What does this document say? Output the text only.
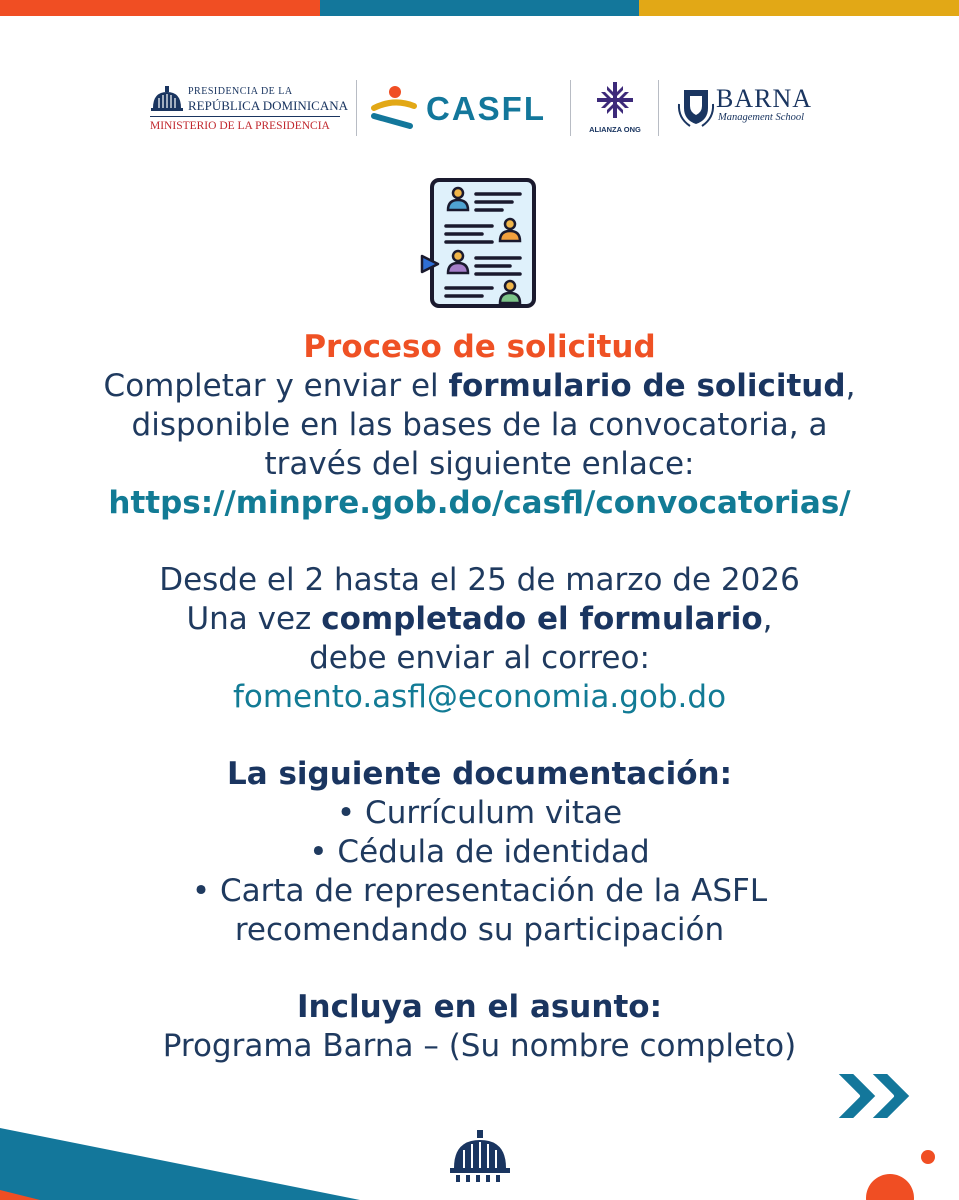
PRESIDENCIA DE LA
REPÚBLICA DOMINICANA
MINISTERIO DE LA PRESIDENCIA	CASFL
ALIANZA ONG
BARNA
Management School
Proceso de solicitud
Completar y enviar el formulario de solicitud,
disponible en las bases de la convocatoria, a
través del siguiente enlace:
https://minpre.gob.do/casfl/convocatorias/
Desde el 2 hasta el 25 de marzo de 2026
Una vez completado el formulario,
debe enviar al correo:
fomento.asfl@economia.gob.do
La siguiente documentación:
• Currículum vitae
• Cédula de identidad
• Carta de representación de la ASFL
recomendando su participación
Incluya en el asunto:
Programa Barna – (Su nombre completo)
